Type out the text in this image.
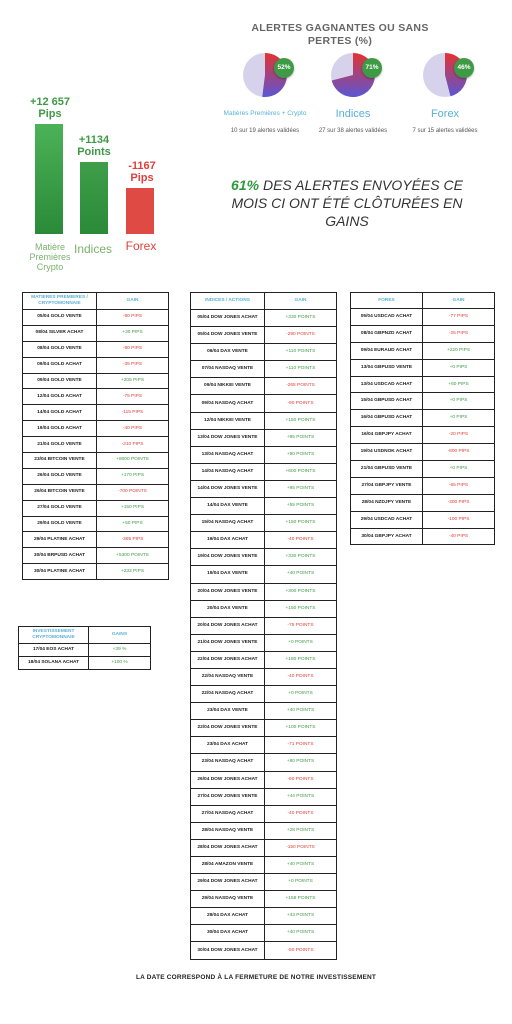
+12 657
Pips
Matière Premières Crypto
+1134
Points
Indices
-1167
Pips
Forex
ALERTES GAGNANTES OU SANS
PERTES (%)
52%
Matières Premières + Crypto
10 sur 19 alertes validées
71%
Indices
27 sur 38 alertes validées
46%
Forex
7 sur 15 alertes validées
61% DES ALERTES ENVOYÉES CE
MOIS CI ONT ÉTÉ CLÔTURÉES EN
GAINS
MATIERES PREMIERES / CRYPTOMONNAIE	GAIN
05/04 GOLD VENTE	-90 PIPS
08/04 SILVER ACHAT	+30 PIPS
08/04 GOLD VENTE	-90 PIPS
09/04 GOLD ACHAT	-35 PIPS
09/04 GOLD VENTE	+205 PIPS
12/04 GOLD ACHAT	-75 PIPS
14/04 GOLD ACHAT	-115 PIPS
19/04 GOLD ACHAT	-40 PIPS
21/04 GOLD VENTE	-310 PIPS
23/04 BITCOIN VENTE	+8000 POINTS
26/04 GOLD VENTE	+170 PIPS
26/04 BITCOIN VENTE	-700 POINTS
27/04 GOLD VENTE	+150 PIPS
29/04 GOLD VENTE	+50 PIPS
29/04 PLATINE ACHAT	-385 PIPS
30/04 BRPUSD ACHAT	+5300 POINTS
30/04 PLATINE ACHAT	+232 PIPS
INVESTISSEMENT CRYPTOMONNAIE	GAINS
17/04 EOS ACHAT	+39 %
18/04 SOLANA ACHAT	+100 %
INDICES / ACTIONS	GAIN
05/04 DOW JONES ACHAT	+330 POINTS
05/04 DOW JONES VENTE	-290 POINTS
06/04 DAX VENTE	+110 POINTS
07/04 NASDAQ VENTE	+110 POINTS
09/04 NIKKEI VENTE	-265 POINTS
09/04 NASDAQ ACHAT	-90 POINTS
12/04 NIKKEI VENTE	+150 POINTS
13/04 DOW JONES VENTE	+95 POINTS
13/04 NASDAQ ACHAT	+90 POINTS
14/04 NASDAQ ACHAT	+600 POINTS
14/04 DOW JONES VENTE	+95 POINTS
14/04 DAX VENTE	+55 POINTS
15/04 NASDAQ ACHAT	+150 POINTS
19/04 DAX ACHAT	-40 POINTS
19/04 DOW JONES VENTE	+330 POINTS
19/04 DAX VENTE	+40 POINTS
20/04 DOW JONES VENTE	+300 POINTS
20/04 DAX VENTE	+150 POINTS
20/04 DOW JONES ACHAT	-75 POINTS
21/04 DOW JONES VENTE	+0 POINTS
22/04 DOW JONES ACHAT	+180 POINTS
22/04 NASDAQ VENTE	-40 POINTS
22/04 NASDAQ ACHAT	+0 POINTS
23/04 DAX VENTE	+40 POINTS
22/04 DOW JONES VENTE	+100 POINTS
23/04 DAX ACHAT	-71 POINTS
23/04 NASDAQ ACHAT	+80 POINTS
26/04 DOW JONES ACHAT	-60 POINTS
27/04 DOW JONES VENTE	+44 POINTS
27/04 NASDAQ ACHAT	-40 POINTS
28/04 NASDAQ VENTE	+28 POINTS
28/04 DOW JONES ACHAT	-150 POINTS
28/04 AMAZON VENTE	+40 POINTS
29/04 DOW JONES ACHAT	+0 POINTS
29/04 NASDAQ VENTE	+158 POINTS
29/04 DAX ACHAT	+43 POINTS
30/04 DAX ACHAT	+40 POINTS
30/04 DOW JONES ACHAT	-50 POINTS
FOREX	GAIN
05/04 USDCAD ACHAT	-77 PIPS
08/04 GBPNZD ACHAT	-25 PIPS
09/04 EURAUD ACHAT	+220 PIPS
13/04 GBPUSD VENTE	+0 PIPS
13/04 USDCAD ACHAT	+60 PIPS
15/04 GBPUSD ACHAT	+0 PIPS
16/04 GBPUSD ACHAT	+0 PIPS
16/04 GBPJPY ACHAT	-20 PIPS
19/04 USDNOK ACHAT	-800 PIPS
21/04 GBPUSD VENTE	+0 PIPS
27/04 GBPJPY VENTE	-65 PIPS
28/04 NZDJPY VENTE	-300 PIPS
29/04 USDCAD ACHAT	-100 PIPS
30/04 GBPJPY ACHAT	-40 PIPS
LA DATE CORRESPOND À LA FERMETURE DE NOTRE INVESTISSEMENT
